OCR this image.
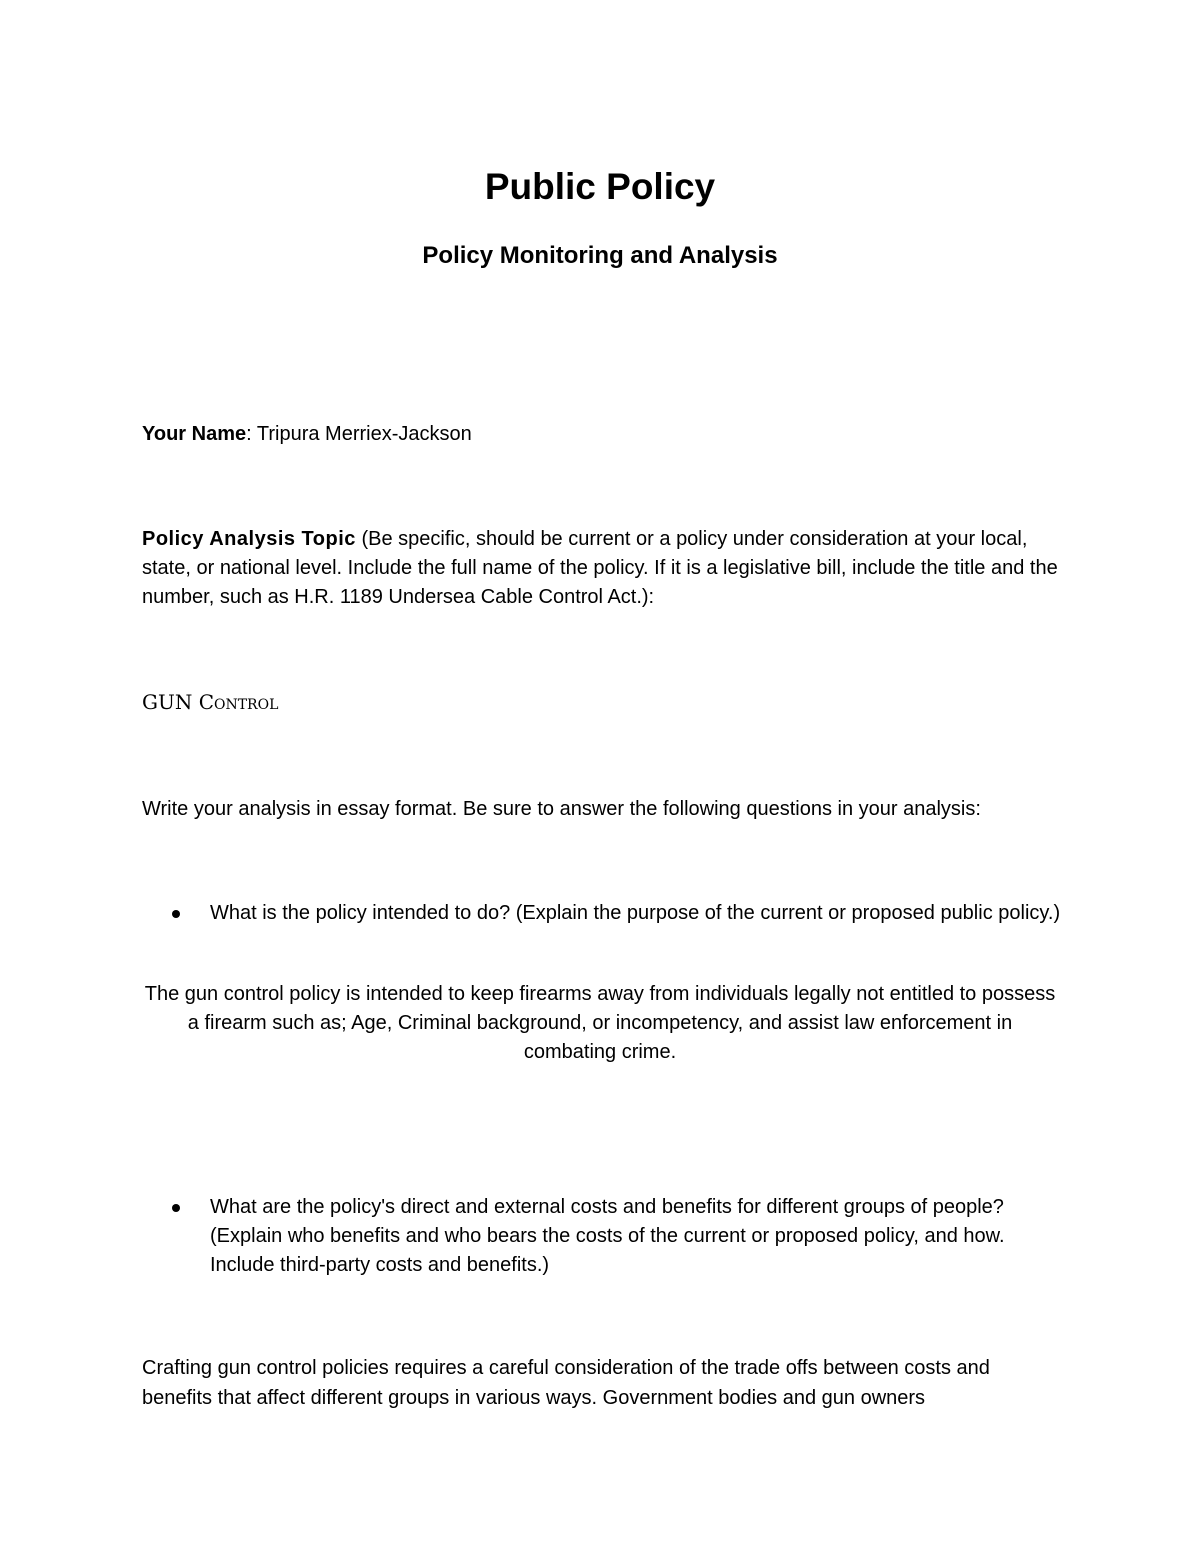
Public Policy
Policy Monitoring and Analysis

Your Name: Tripura Merriex-Jackson

Policy Analysis Topic (Be specific, should be current or a policy under consideration at your local, state, or national level. Include the full name of the policy. If it is a legislative bill, include the title and the number, such as H.R. 1189 Undersea Cable Control Act.):

GUN Control

Write your analysis in essay format. Be sure to answer the following questions in your analysis:

What is the policy intended to do? (Explain the purpose of the current or proposed public policy.)

The gun control policy is intended to keep firearms away from individuals legally not entitled to possess a firearm such as; Age, Criminal background, or incompetency, and assist law enforcement in combating crime.

What are the policy's direct and external costs and benefits for different groups of people? (Explain who benefits and who bears the costs of the current or proposed policy, and how. Include third-party costs and benefits.)

Crafting gun control policies requires a careful consideration of the trade offs between costs and benefits that affect different groups in various ways. Government bodies and gun owners
